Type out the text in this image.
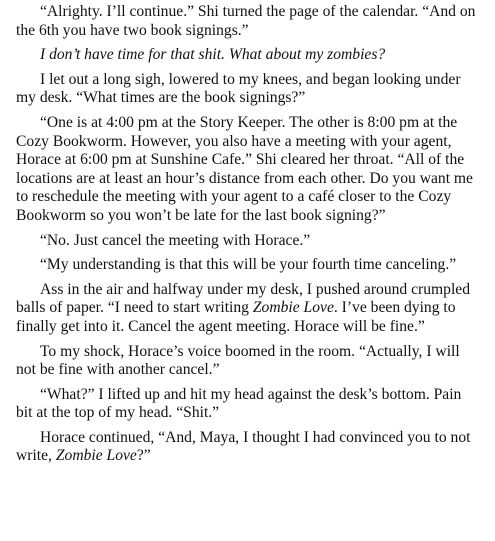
“Alrighty. I’ll continue.” Shi turned the page of the calendar. “And on the 6th you have two book signings.”

I don’t have time for that shit. What about my zombies?

I let out a long sigh, lowered to my knees, and began looking under my desk. “What times are the book signings?”

“One is at 4:00 pm at the Story Keeper. The other is 8:00 pm at the Cozy Bookworm. However, you also have a meeting with your agent, Horace at 6:00 pm at Sunshine Cafe.” Shi cleared her throat. “All of the locations are at least an hour’s distance from each other. Do you want me to reschedule the meeting with your agent to a café closer to the Cozy Bookworm so you won’t be late for the last book signing?”

“No. Just cancel the meeting with Horace.”

“My understanding is that this will be your fourth time canceling.”

Ass in the air and halfway under my desk, I pushed around crumpled balls of paper. “I need to start writing Zombie Love. I’ve been dying to finally get into it. Cancel the agent meeting. Horace will be fine.”

To my shock, Horace’s voice boomed in the room. “Actually, I will not be fine with another cancel.”

“What?” I lifted up and hit my head against the desk’s bottom. Pain bit at the top of my head. “Shit.”

Horace continued, “And, Maya, I thought I had convinced you to not write, Zombie Love?”
